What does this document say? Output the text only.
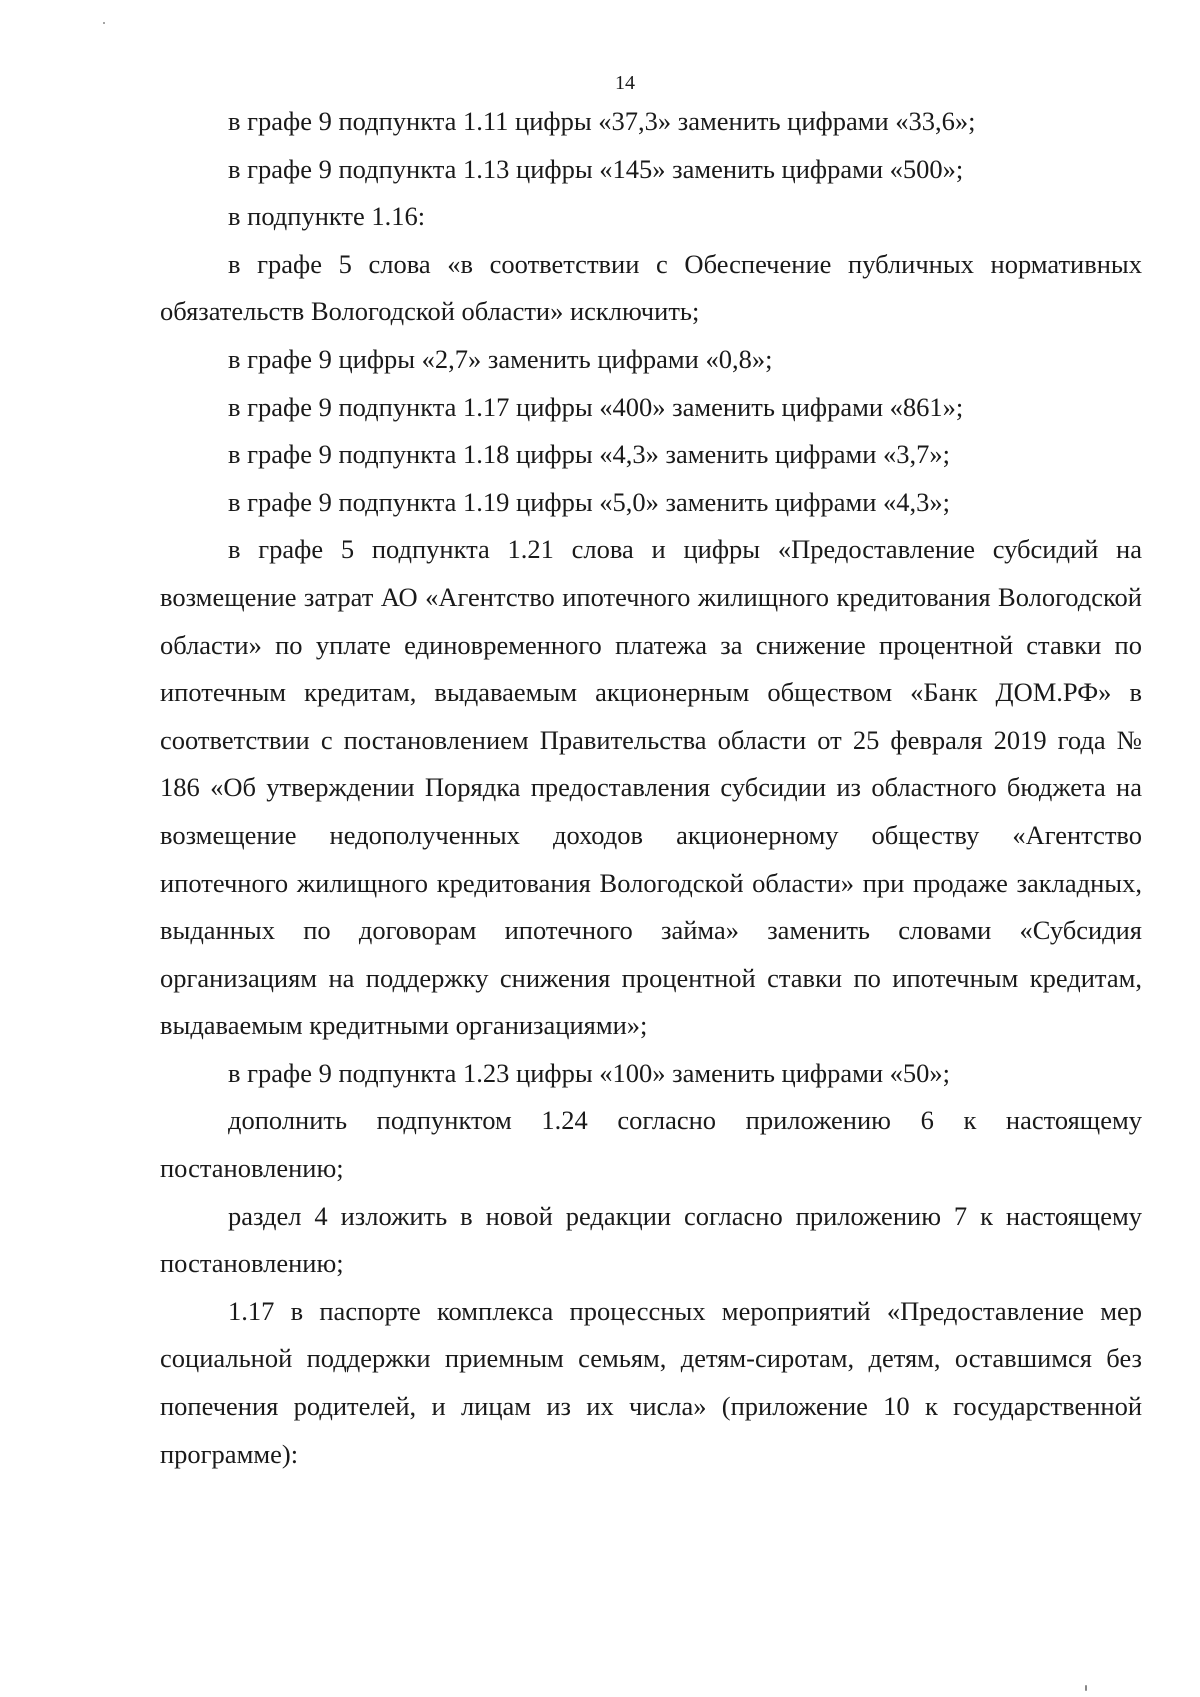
14

в графе 9 подпункта 1.11 цифры «37,3» заменить цифрами «33,6»;

в графе 9 подпункта 1.13 цифры «145» заменить цифрами «500»;

в подпункте 1.16:

в графе 5 слова «в соответствии с Обеспечение публичных нормативных обязательств Вологодской области» исключить;

в графе 9 цифры «2,7» заменить цифрами «0,8»;

в графе 9 подпункта 1.17 цифры «400» заменить цифрами «861»;

в графе 9 подпункта 1.18 цифры «4,3» заменить цифрами «3,7»;

в графе 9 подпункта 1.19 цифры «5,0» заменить цифрами «4,3»;

в графе 5 подпункта 1.21 слова и цифры «Предоставление субсидий на возмещение затрат АО «Агентство ипотечного жилищного кредитования Вологодской области» по уплате единовременного платежа за снижение процентной ставки по ипотечным кредитам, выдаваемым акционерным обществом «Банк ДОМ.РФ» в соответствии с постановлением Правительства области от 25 февраля 2019 года № 186 «Об утверждении Порядка предоставления субсидии из областного бюджета на возмещение недополученных доходов акционерному обществу «Агентство ипотечного жилищного кредитования Вологодской области» при продаже закладных, выданных по договорам ипотечного займа» заменить словами «Субсидия организациям на поддержку снижения процентной ставки по ипотечным кредитам, выдаваемым кредитными организациями»;

в графе 9 подпункта 1.23 цифры «100» заменить цифрами «50»;

дополнить подпунктом 1.24 согласно приложению 6 к настоящему постановлению;

раздел 4 изложить в новой редакции согласно приложению 7 к настоящему постановлению;

1.17 в паспорте комплекса процессных мероприятий «Предоставление мер социальной поддержки приемным семьям, детям-сиротам, детям, оставшимся без попечения родителей, и лицам из их числа» (приложение 10 к государственной программе):
